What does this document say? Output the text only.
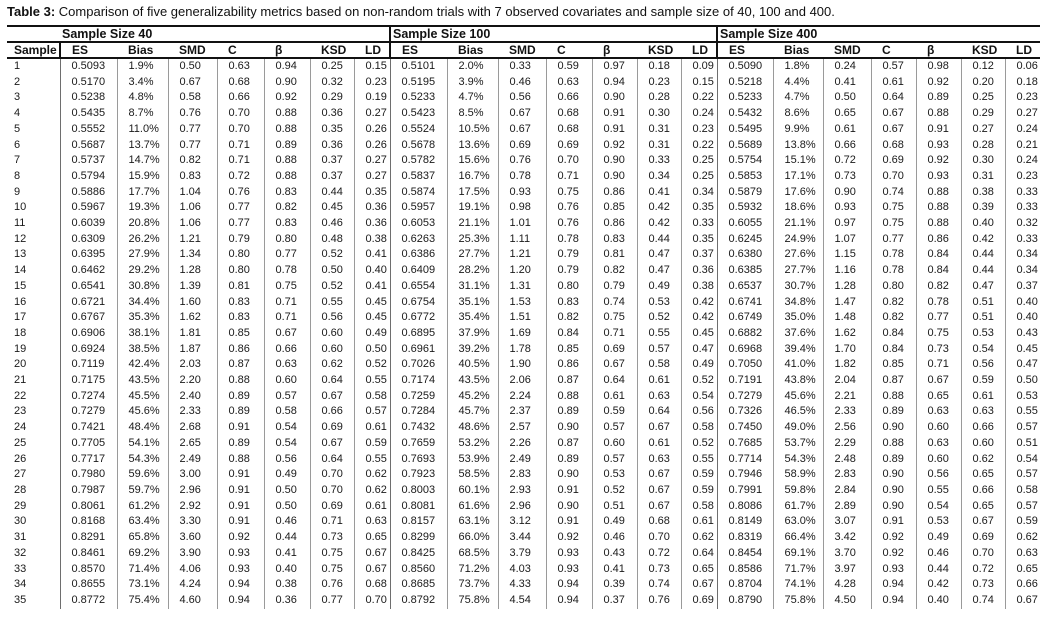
Table 3: Comparison of five generalizability metrics based on non-random trials with 7 observed covariates and sample size of 40, 100 and 400.
	Sample Size 40							Sample Size 100							Sample Size 400						
Sample	ES	Bias	SMD	C	β	KSD	LD	ES	Bias	SMD	C	β	KSD	LD	ES	Bias	SMD	C	β	KSD	LD
1	0.5093	1.9%	0.50	0.63	0.94	0.25	0.15	0.5101	2.0%	0.33	0.59	0.97	0.18	0.09	0.5090	1.8%	0.24	0.57	0.98	0.12	0.06
2	0.5170	3.4%	0.67	0.68	0.90	0.32	0.23	0.5195	3.9%	0.46	0.63	0.94	0.23	0.15	0.5218	4.4%	0.41	0.61	0.92	0.20	0.18
3	0.5238	4.8%	0.58	0.66	0.92	0.29	0.19	0.5233	4.7%	0.56	0.66	0.90	0.28	0.22	0.5233	4.7%	0.50	0.64	0.89	0.25	0.23
4	0.5435	8.7%	0.76	0.70	0.88	0.36	0.27	0.5423	8.5%	0.67	0.68	0.91	0.30	0.24	0.5432	8.6%	0.65	0.67	0.88	0.29	0.27
5	0.5552	11.0%	0.77	0.70	0.88	0.35	0.26	0.5524	10.5%	0.67	0.68	0.91	0.31	0.23	0.5495	9.9%	0.61	0.67	0.91	0.27	0.24
6	0.5687	13.7%	0.77	0.71	0.89	0.36	0.26	0.5678	13.6%	0.69	0.69	0.92	0.31	0.22	0.5689	13.8%	0.66	0.68	0.93	0.28	0.21
7	0.5737	14.7%	0.82	0.71	0.88	0.37	0.27	0.5782	15.6%	0.76	0.70	0.90	0.33	0.25	0.5754	15.1%	0.72	0.69	0.92	0.30	0.24
8	0.5794	15.9%	0.83	0.72	0.88	0.37	0.27	0.5837	16.7%	0.78	0.71	0.90	0.34	0.25	0.5853	17.1%	0.73	0.70	0.93	0.31	0.23
9	0.5886	17.7%	1.04	0.76	0.83	0.44	0.35	0.5874	17.5%	0.93	0.75	0.86	0.41	0.34	0.5879	17.6%	0.90	0.74	0.88	0.38	0.33
10	0.5967	19.3%	1.06	0.77	0.82	0.45	0.36	0.5957	19.1%	0.98	0.76	0.85	0.42	0.35	0.5932	18.6%	0.93	0.75	0.88	0.39	0.33
11	0.6039	20.8%	1.06	0.77	0.83	0.46	0.36	0.6053	21.1%	1.01	0.76	0.86	0.42	0.33	0.6055	21.1%	0.97	0.75	0.88	0.40	0.32
12	0.6309	26.2%	1.21	0.79	0.80	0.48	0.38	0.6263	25.3%	1.11	0.78	0.83	0.44	0.35	0.6245	24.9%	1.07	0.77	0.86	0.42	0.33
13	0.6395	27.9%	1.34	0.80	0.77	0.52	0.41	0.6386	27.7%	1.21	0.79	0.81	0.47	0.37	0.6380	27.6%	1.15	0.78	0.84	0.44	0.34
14	0.6462	29.2%	1.28	0.80	0.78	0.50	0.40	0.6409	28.2%	1.20	0.79	0.82	0.47	0.36	0.6385	27.7%	1.16	0.78	0.84	0.44	0.34
15	0.6541	30.8%	1.39	0.81	0.75	0.52	0.41	0.6554	31.1%	1.31	0.80	0.79	0.49	0.38	0.6537	30.7%	1.28	0.80	0.82	0.47	0.37
16	0.6721	34.4%	1.60	0.83	0.71	0.55	0.45	0.6754	35.1%	1.53	0.83	0.74	0.53	0.42	0.6741	34.8%	1.47	0.82	0.78	0.51	0.40
17	0.6767	35.3%	1.62	0.83	0.71	0.56	0.45	0.6772	35.4%	1.51	0.82	0.75	0.52	0.42	0.6749	35.0%	1.48	0.82	0.77	0.51	0.40
18	0.6906	38.1%	1.81	0.85	0.67	0.60	0.49	0.6895	37.9%	1.69	0.84	0.71	0.55	0.45	0.6882	37.6%	1.62	0.84	0.75	0.53	0.43
19	0.6924	38.5%	1.87	0.86	0.66	0.60	0.50	0.6961	39.2%	1.78	0.85	0.69	0.57	0.47	0.6968	39.4%	1.70	0.84	0.73	0.54	0.45
20	0.7119	42.4%	2.03	0.87	0.63	0.62	0.52	0.7026	40.5%	1.90	0.86	0.67	0.58	0.49	0.7050	41.0%	1.82	0.85	0.71	0.56	0.47
21	0.7175	43.5%	2.20	0.88	0.60	0.64	0.55	0.7174	43.5%	2.06	0.87	0.64	0.61	0.52	0.7191	43.8%	2.04	0.87	0.67	0.59	0.50
22	0.7274	45.5%	2.40	0.89	0.57	0.67	0.58	0.7259	45.2%	2.24	0.88	0.61	0.63	0.54	0.7279	45.6%	2.21	0.88	0.65	0.61	0.53
23	0.7279	45.6%	2.33	0.89	0.58	0.66	0.57	0.7284	45.7%	2.37	0.89	0.59	0.64	0.56	0.7326	46.5%	2.33	0.89	0.63	0.63	0.55
24	0.7421	48.4%	2.68	0.91	0.54	0.69	0.61	0.7432	48.6%	2.57	0.90	0.57	0.67	0.58	0.7450	49.0%	2.56	0.90	0.60	0.66	0.57
25	0.7705	54.1%	2.65	0.89	0.54	0.67	0.59	0.7659	53.2%	2.26	0.87	0.60	0.61	0.52	0.7685	53.7%	2.29	0.88	0.63	0.60	0.51
26	0.7717	54.3%	2.49	0.88	0.56	0.64	0.55	0.7693	53.9%	2.49	0.89	0.57	0.63	0.55	0.7714	54.3%	2.48	0.89	0.60	0.62	0.54
27	0.7980	59.6%	3.00	0.91	0.49	0.70	0.62	0.7923	58.5%	2.83	0.90	0.53	0.67	0.59	0.7946	58.9%	2.83	0.90	0.56	0.65	0.57
28	0.7987	59.7%	2.96	0.91	0.50	0.70	0.62	0.8003	60.1%	2.93	0.91	0.52	0.67	0.59	0.7991	59.8%	2.84	0.90	0.55	0.66	0.58
29	0.8061	61.2%	2.92	0.91	0.50	0.69	0.61	0.8081	61.6%	2.96	0.90	0.51	0.67	0.58	0.8086	61.7%	2.89	0.90	0.54	0.65	0.57
30	0.8168	63.4%	3.30	0.91	0.46	0.71	0.63	0.8157	63.1%	3.12	0.91	0.49	0.68	0.61	0.8149	63.0%	3.07	0.91	0.53	0.67	0.59
31	0.8291	65.8%	3.60	0.92	0.44	0.73	0.65	0.8299	66.0%	3.44	0.92	0.46	0.70	0.62	0.8319	66.4%	3.42	0.92	0.49	0.69	0.62
32	0.8461	69.2%	3.90	0.93	0.41	0.75	0.67	0.8425	68.5%	3.79	0.93	0.43	0.72	0.64	0.8454	69.1%	3.70	0.92	0.46	0.70	0.63
33	0.8570	71.4%	4.06	0.93	0.40	0.75	0.67	0.8560	71.2%	4.03	0.93	0.41	0.73	0.65	0.8586	71.7%	3.97	0.93	0.44	0.72	0.65
34	0.8655	73.1%	4.24	0.94	0.38	0.76	0.68	0.8685	73.7%	4.33	0.94	0.39	0.74	0.67	0.8704	74.1%	4.28	0.94	0.42	0.73	0.66
35	0.8772	75.4%	4.60	0.94	0.36	0.77	0.70	0.8792	75.8%	4.54	0.94	0.37	0.76	0.69	0.8790	75.8%	4.50	0.94	0.40	0.74	0.67
